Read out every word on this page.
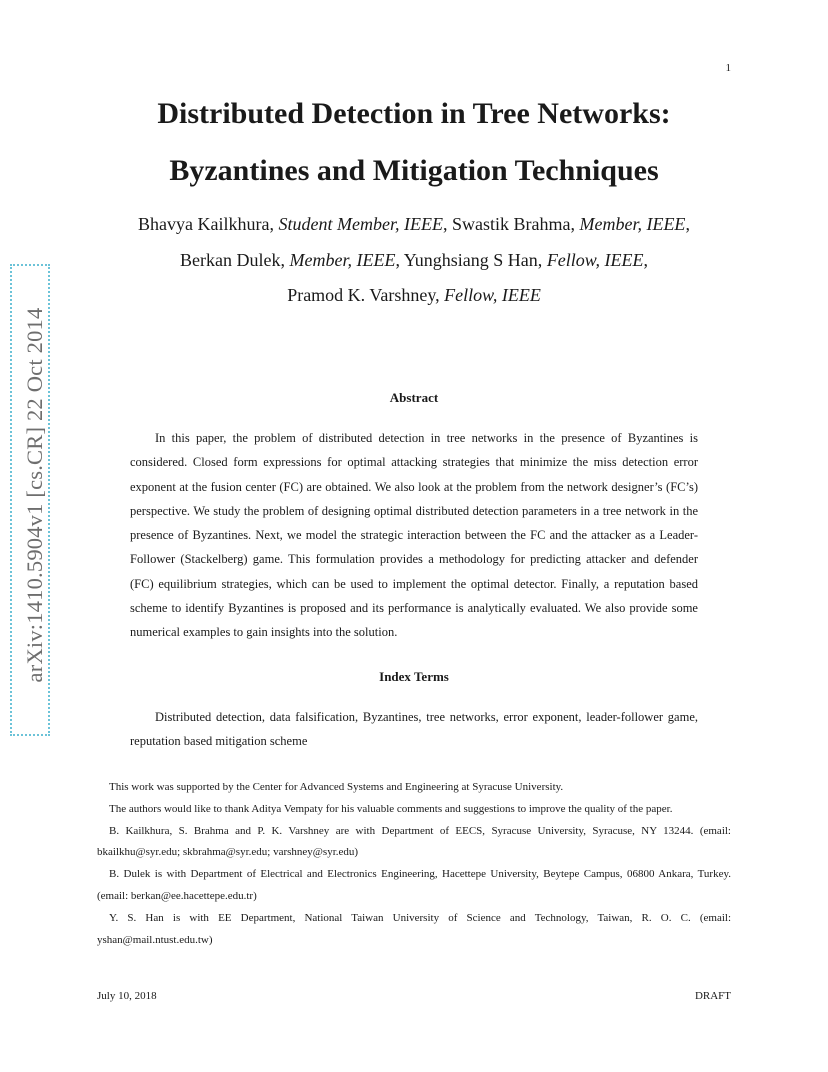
1
Distributed Detection in Tree Networks:
Byzantines and Mitigation Techniques
Bhavya Kailkhura, Student Member, IEEE, Swastik Brahma, Member, IEEE,
Berkan Dulek, Member, IEEE, Yunghsiang S Han, Fellow, IEEE,
Pramod K. Varshney, Fellow, IEEE
arXiv:1410.5904v1 [cs.CR] 22 Oct 2014	Abstract
In this paper, the problem of distributed detection in tree networks in the presence of Byzantines is considered. Closed form expressions for optimal attacking strategies that minimize the miss detection error exponent at the fusion center (FC) are obtained. We also look at the problem from the network designer’s (FC’s) perspective. We study the problem of designing optimal distributed detection parameters in a tree network in the presence of Byzantines. Next, we model the strategic interaction between the FC and the attacker as a Leader-Follower (Stackelberg) game. This formulation provides a methodology for predicting attacker and defender (FC) equilibrium strategies, which can be used to implement the optimal detector. Finally, a reputation based scheme to identify Byzantines is proposed and its performance is analytically evaluated. We also provide some numerical examples to gain insights into the solution.
Index Terms
Distributed detection, data falsification, Byzantines, tree networks, error exponent, leader-follower game, reputation based mitigation scheme

This work was supported by the Center for Advanced Systems and Engineering at Syracuse University.

The authors would like to thank Aditya Vempaty for his valuable comments and suggestions to improve the quality of the paper.

B. Kailkhura, S. Brahma and P. K. Varshney are with Department of EECS, Syracuse University, Syracuse, NY 13244. (email: bkailkhu@syr.edu; skbrahma@syr.edu; varshney@syr.edu)

B. Dulek is with Department of Electrical and Electronics Engineering, Hacettepe University, Beytepe Campus, 06800 Ankara, Turkey. (email: berkan@ee.hacettepe.edu.tr)

Y. S. Han is with EE Department, National Taiwan University of Science and Technology, Taiwan, R. O. C. (email: yshan@mail.ntust.edu.tw)

July 10, 2018	DRAFT
